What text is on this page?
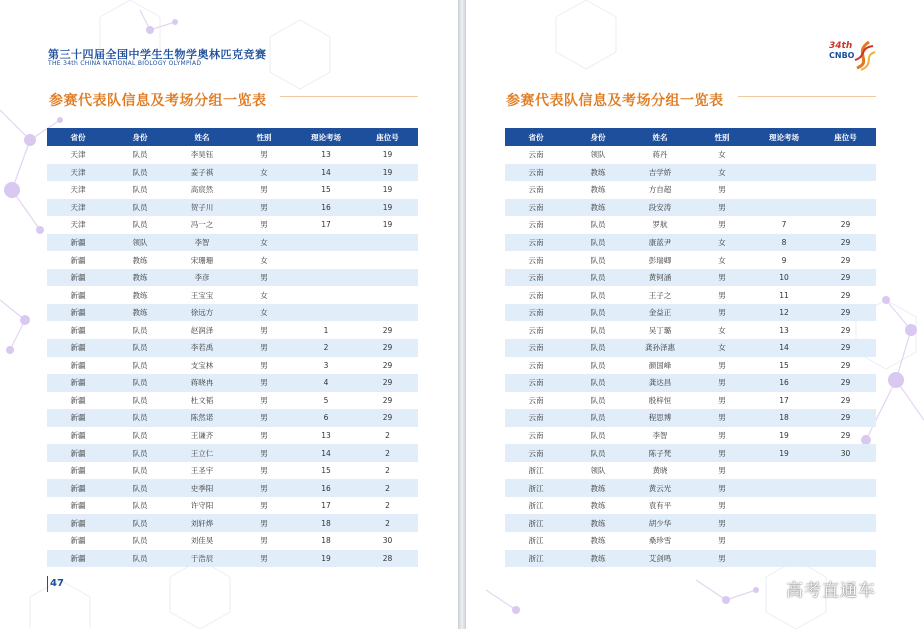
第三十四届全国中学生生物学奥林匹克竞赛
THE 34th CHINA NATIONAL BIOLOGY OLYMPIAD
参赛代表队信息及考场分组一览表
省份	身份	姓名	性别	理论考场	座位号
天津	队员	李昊钰	男	13	19
天津	队员	姜子祺	女	14	19
天津	队员	高宸然	男	15	19
天津	队员	贺子川	男	16	19
天津	队员	冯一之	男	17	19
新疆	领队	李智	女		
新疆	教练	宋珊珊	女		
新疆	教练	李彦	男		
新疆	教练	王宝宝	女		
新疆	教练	徐远方	女		
新疆	队员	赵润泽	男	1	29
新疆	队员	李若禹	男	2	29
新疆	队员	支宝林	男	3	29
新疆	队员	蒋晓冉	男	4	29
新疆	队员	杜文韬	男	5	29
新疆	队员	陈然诺	男	6	29
新疆	队员	王谦齐	男	13	2
新疆	队员	王立仁	男	14	2
新疆	队员	王圣宇	男	15	2
新疆	队员	史季阳	男	16	2
新疆	队员	许守阳	男	17	2
新疆	队员	刘轩烨	男	18	2
新疆	队员	刘佳昊	男	18	30
新疆	队员	于浩辰	男	19	28
47
34th
CNBO
参赛代表队信息及考场分组一览表
省份	身份	姓名	性别	理论考场	座位号
云南	领队	蒋丹	女		
云南	教练	吉学娇	女		
云南	教练	方自超	男		
云南	教练	段安涛	男		
云南	队员	罗航	男	7	29
云南	队员	康蓝尹	女	8	29
云南	队员	彭瑞卿	女	9	29
云南	队员	黄钶涵	男	10	29
云南	队员	王子之	男	11	29
云南	队员	金益正	男	12	29
云南	队员	吴丁璐	女	13	29
云南	队员	龚孙泽惠	女	14	29
云南	队员	颜国峰	男	15	29
云南	队员	龚达昌	男	16	29
云南	队员	殷梓恒	男	17	29
云南	队员	程思博	男	18	29
云南	队员	李智	男	19	29
云南	队员	陈子梵	男	19	30
浙江	领队	黄晓	男		
浙江	教练	黄云光	男		
浙江	教练	袁有平	男		
浙江	教练	胡少华	男		
浙江	教练	桑珍雪	男		
浙江	教练	艾剑鸣	男		
高考直通车
